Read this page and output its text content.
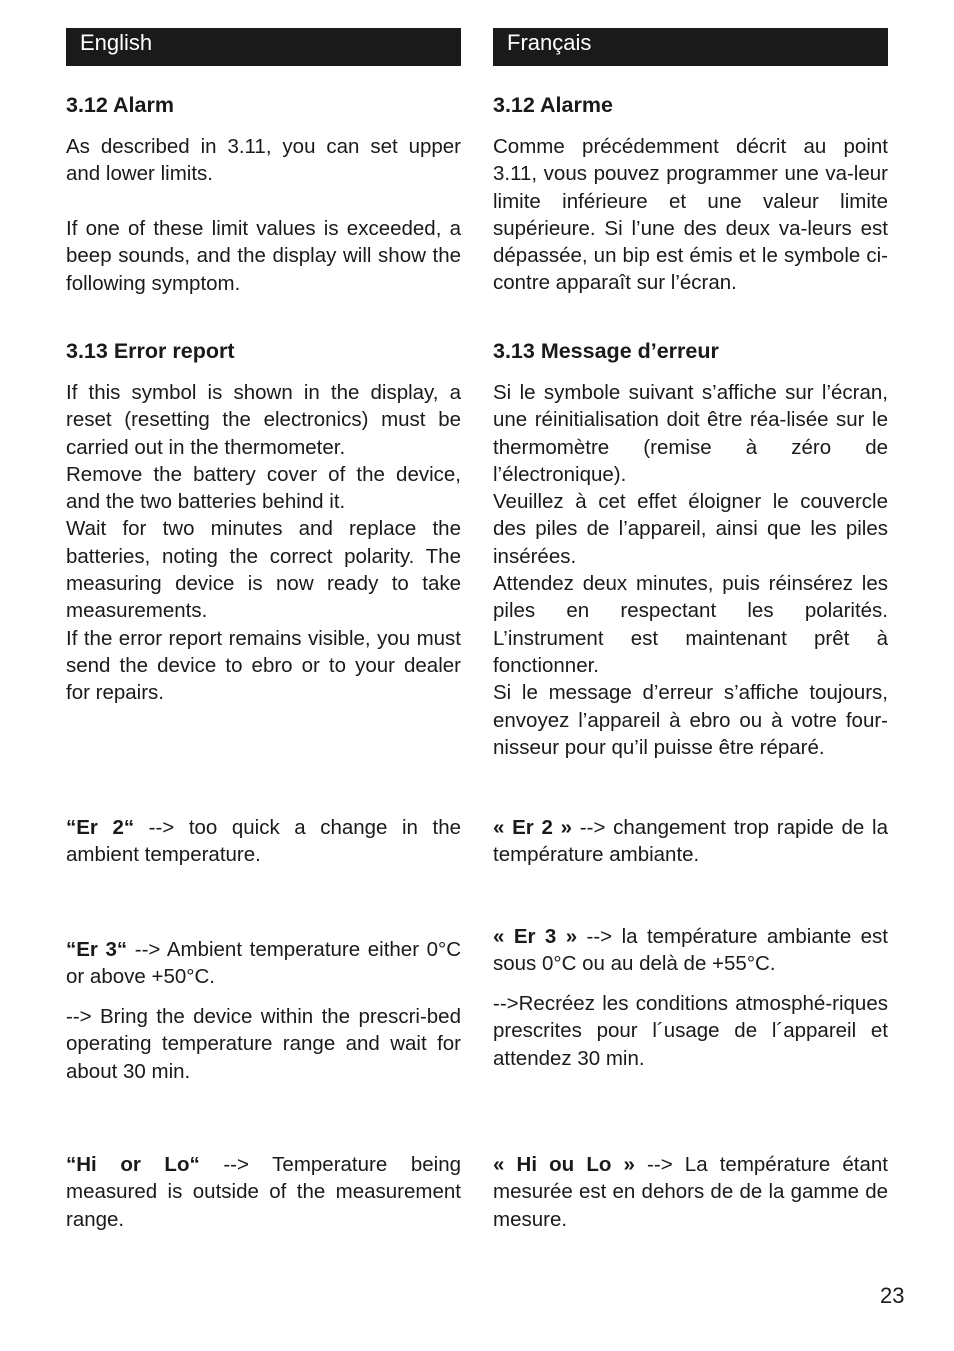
English
3.12 Alarm

As described in 3.11, you can set upper and lower limits.

If one of these limit values is exceeded, a beep sounds, and the display will show the following symptom.

3.13 Error report

If this symbol is shown in the display, a reset (resetting the electronics) must be carried out in the thermometer.

Remove the battery cover of the device, and the two batteries behind it.

Wait for two minutes and replace the batteries, noting the correct polarity. The measuring device is now ready to take measurements.

If the error report remains visible, you must send the device to ebro or to your dealer for repairs.

“Er 2“ --> too quick a change in the ambient temperature.

“Er 3“ --> Ambient temperature either 0°C or above +50°C.

--> Bring the device within the prescri-bed operating temperature range and wait for about 30 min.

“Hi or Lo“ --> Temperature being measured is outside of the measurement range.

Français
3.12 Alarme

Comme précédemment décrit au point 3.11, vous pouvez programmer une va-leur limite inférieure et une valeur limite supérieure. Si l’une des deux va-leurs est dépassée, un bip est émis et le symbole ci-contre apparaît sur l’écran.

3.13 Message d’erreur

Si le symbole suivant s’affiche sur l’écran, une réinitialisation doit être réa-lisée sur le thermomètre (remise à zéro de l’électronique).

Veuillez à cet effet éloigner le couvercle des piles de l’appareil, ainsi que les piles insérées.

Attendez deux minutes, puis réinsérez les piles en respectant les polarités. L’instrument est maintenant prêt à fonctionner.

Si le message d’erreur s’affiche toujours, envoyez l’appareil à ebro ou à votre four-nisseur pour qu’il puisse être réparé.

« Er 2 » --> changement trop rapide de la température ambiante.

« Er 3 » --> la température ambiante est sous 0°C ou au delà de +55°C.

-->Recréez les conditions atmosphé-riques prescrites pour l´usage de l´appareil et attendez 30 min.

« Hi ou Lo » --> La température étant mesurée est en dehors de de la gamme de mesure.

23
